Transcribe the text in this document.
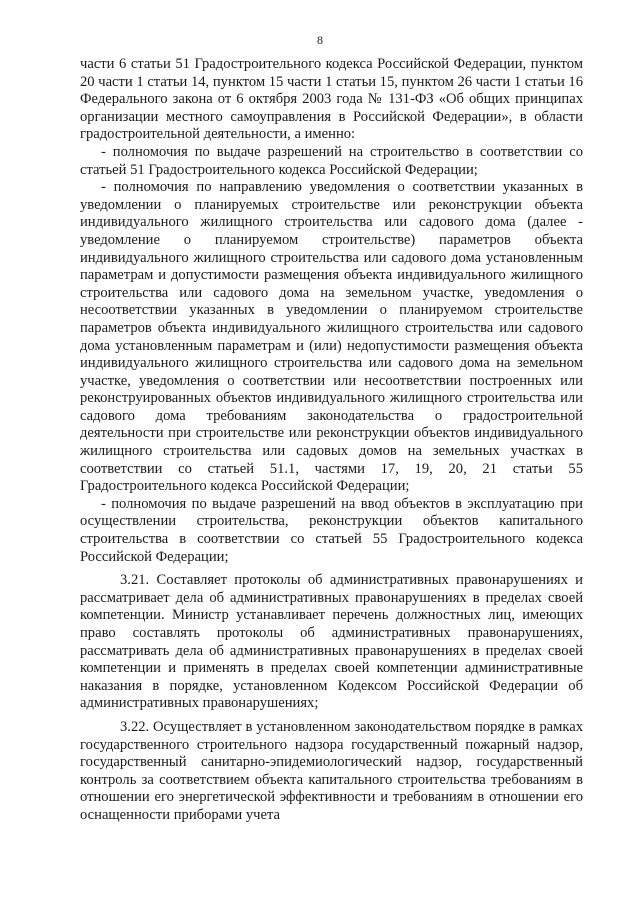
8

части 6 статьи 51 Градостроительного кодекса Российской Федерации, пунктом 20 части 1 статьи 14, пунктом 15 части 1 статьи 15, пунктом 26 части 1 статьи 16 Федерального закона от 6 октября 2003 года № 131-ФЗ «Об общих принципах организации местного самоуправления в Российской Федерации», в области градостроительной деятельности, а именно:

- полномочия по выдаче разрешений на строительство в соответствии со статьей 51 Градостроительного кодекса Российской Федерации;

- полномочия по направлению уведомления о соответствии указанных в уведомлении о планируемых строительстве или реконструкции объекта индивидуального жилищного строительства или садового дома (далее - уведомление о планируемом строительстве) параметров объекта индивидуального жилищного строительства или садового дома установленным параметрам и допустимости размещения объекта индивидуального жилищного строительства или садового дома на земельном участке, уведомления о несоответствии указанных в уведомлении о планируемом строительстве параметров объекта индивидуального жилищного строительства или садового дома установленным параметрам и (или) недопустимости размещения объекта индивидуального жилищного строительства или садового дома на земельном участке, уведомления о соответствии или несоответствии построенных или реконструированных объектов индивидуального жилищного строительства или садового дома требованиям законодательства о градостроительной деятельности при строительстве или реконструкции объектов индивидуального жилищного строительства или садовых домов на земельных участках в соответствии со статьей 51.1, частями 17, 19, 20, 21 статьи 55 Градостроительного кодекса Российской Федерации;

- полномочия по выдаче разрешений на ввод объектов в эксплуатацию при осуществлении строительства, реконструкции объектов капитального строительства в соответствии со статьей 55 Градостроительного кодекса Российской Федерации;

3.21. Составляет протоколы об административных правонарушениях и рассматривает дела об административных правонарушениях в пределах своей компетенции. Министр устанавливает перечень должностных лиц, имеющих право составлять протоколы об административных правонарушениях, рассматривать дела об административных правонарушениях в пределах своей компетенции и применять в пределах своей компетенции административные наказания в порядке, установленном Кодексом Российской Федерации об административных правонарушениях;

3.22. Осуществляет в установленном законодательством порядке в рамках государственного строительного надзора государственный пожарный надзор, государственный санитарно-эпидемиологический надзор, государственный контроль за соответствием объекта капитального строительства требованиям в отношении его энергетической эффективности и требованиям в отношении его оснащенности приборами учета
